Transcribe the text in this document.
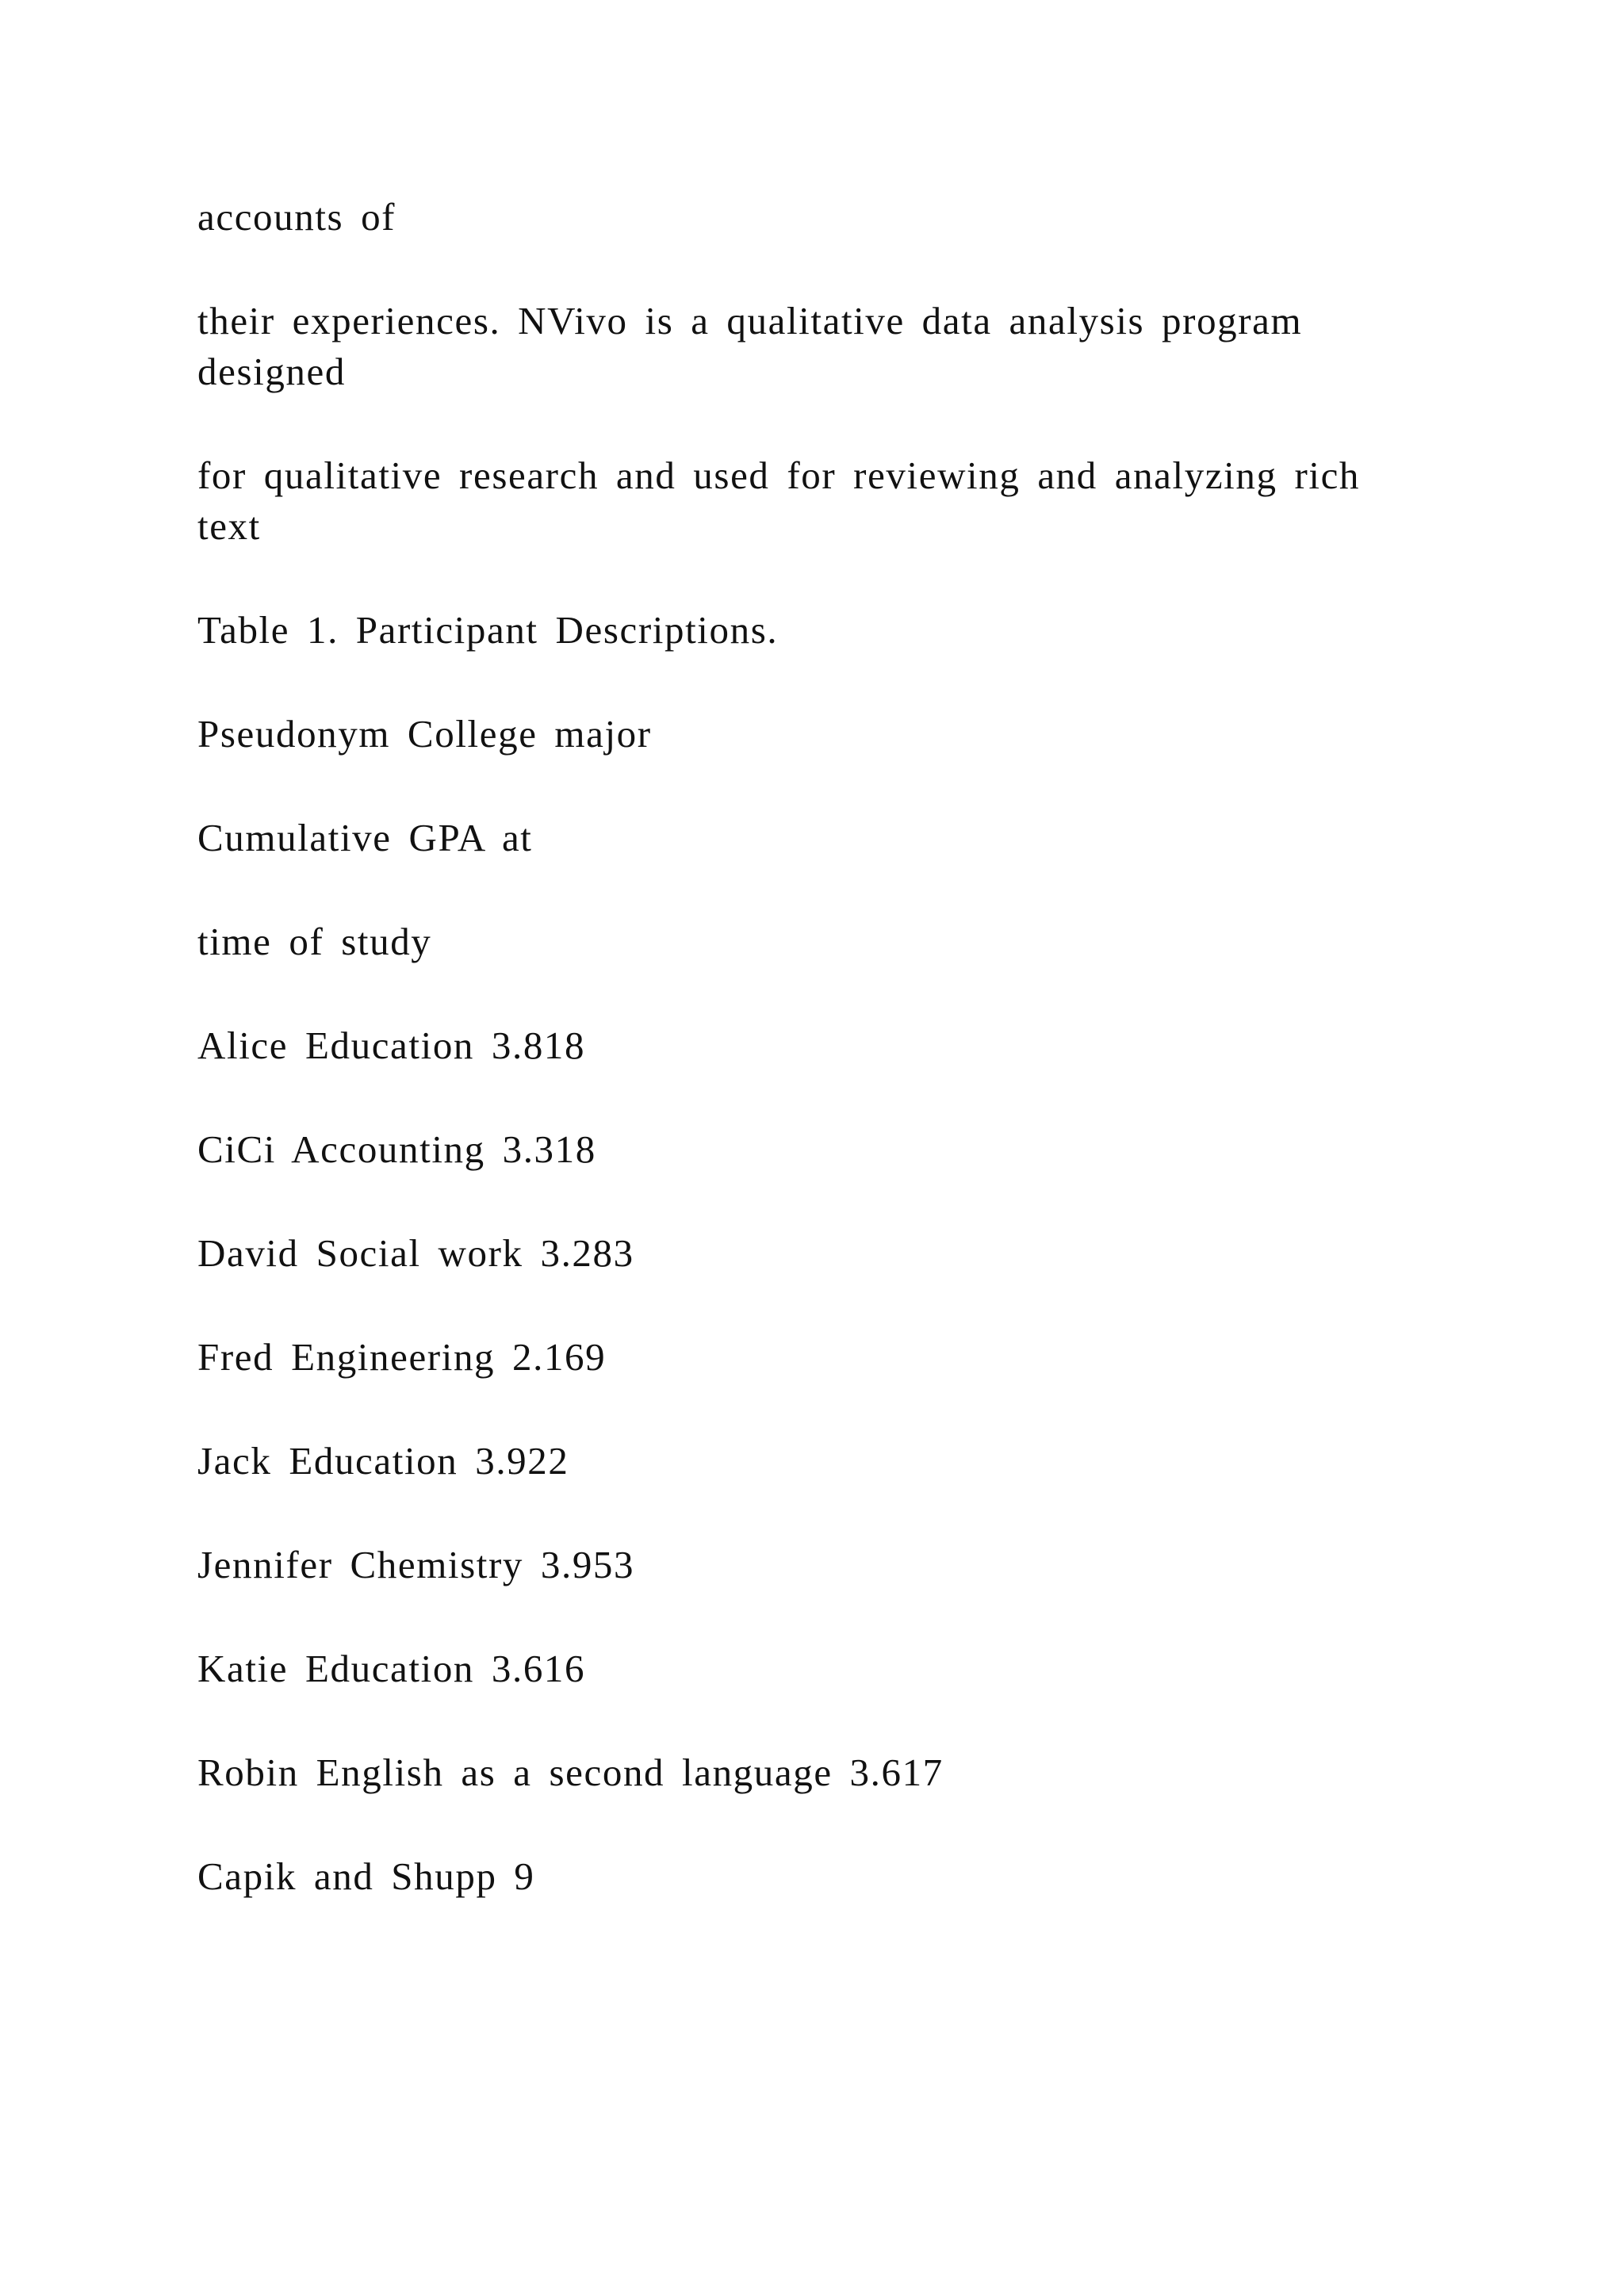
accounts of

their experiences. NVivo is a qualitative data analysis program designed

for qualitative research and used for reviewing and analyzing rich text

Table 1. Participant Descriptions.

Pseudonym College major

Cumulative GPA at

time of study

Alice Education 3.818

CiCi Accounting 3.318

David Social work 3.283

Fred Engineering 2.169

Jack Education 3.922

Jennifer Chemistry 3.953

Katie Education 3.616

Robin English as a second language 3.617

Capik and Shupp 9
